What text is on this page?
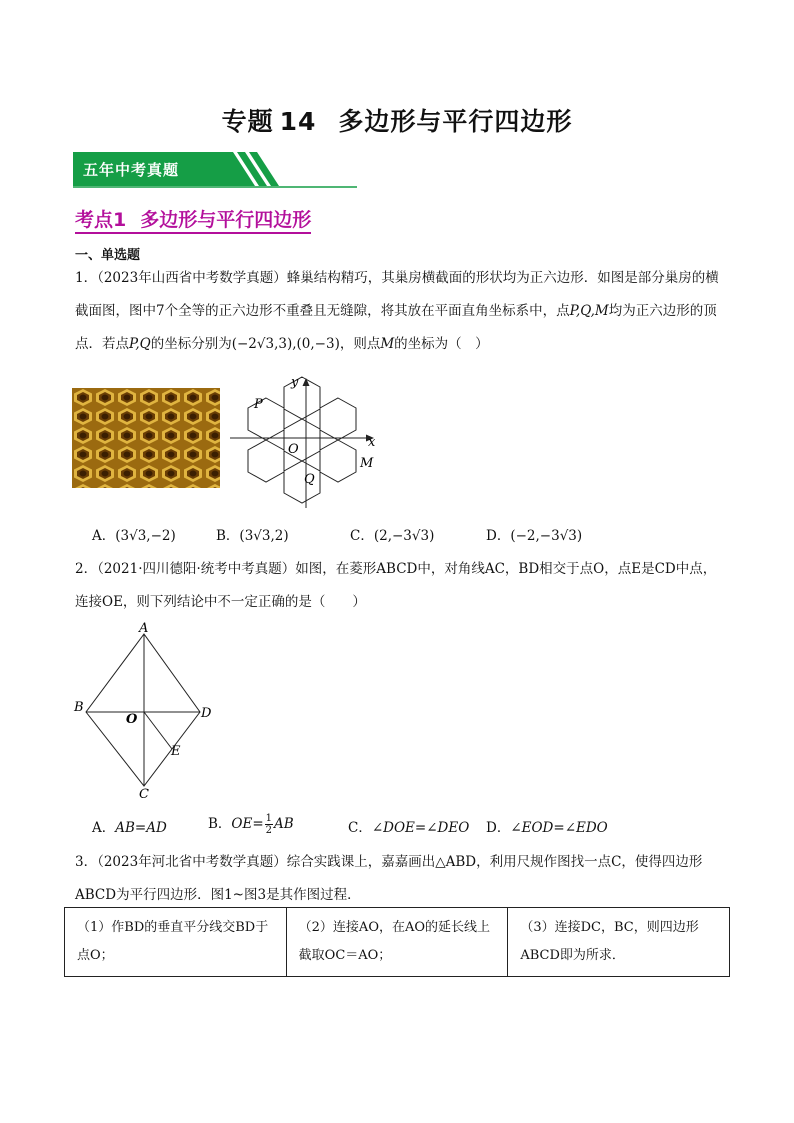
专题 14 多边形与平行四边形
五年中考真题
考点1 多边形与平行四边形
一、单选题
1．（2023年山西省中考数学真题）蜂巢结构精巧，其巢房横截面的形状均为正六边形．如图是部分巢房的横截面图，图中7个全等的正六边形不重叠且无缝隙，将其放在平面直角坐标系中，点P,Q,M均为正六边形的顶点．若点P,Q的坐标分别为(−2√3,3),(0,−3)，则点M的坐标为（　）
y
x
P
O
Q
M
A．(3√3,−2)	B．(3√3,2)	C．(2,−3√3)	D．(−2,−3√3)
2．（2021·四川德阳·统考中考真题）如图，在菱形ABCD中，对角线AC，BD相交于点O，点E是CD中点，
连接OE，则下列结论中不一定正确的是（　　）
A
B	D
O
E
C
A．AB=AD	B．$OE= \frac{1}{2}$ AB	C．∠DOE=∠DEO D．∠EOD=∠EDO
3．（2023年河北省中考数学真题）综合实践课上，嘉嘉画出△ABD，利用尺规作图找一点C，使得四边形
ABCD为平行四边形．图1~图3是其作图过程．
（1）作BD的垂直平分线交BD于点O；	（2）连接AO，在AO的延长线上截取OC＝AO；	（3）连接DC，BC，则四边形ABCD即为所求．
